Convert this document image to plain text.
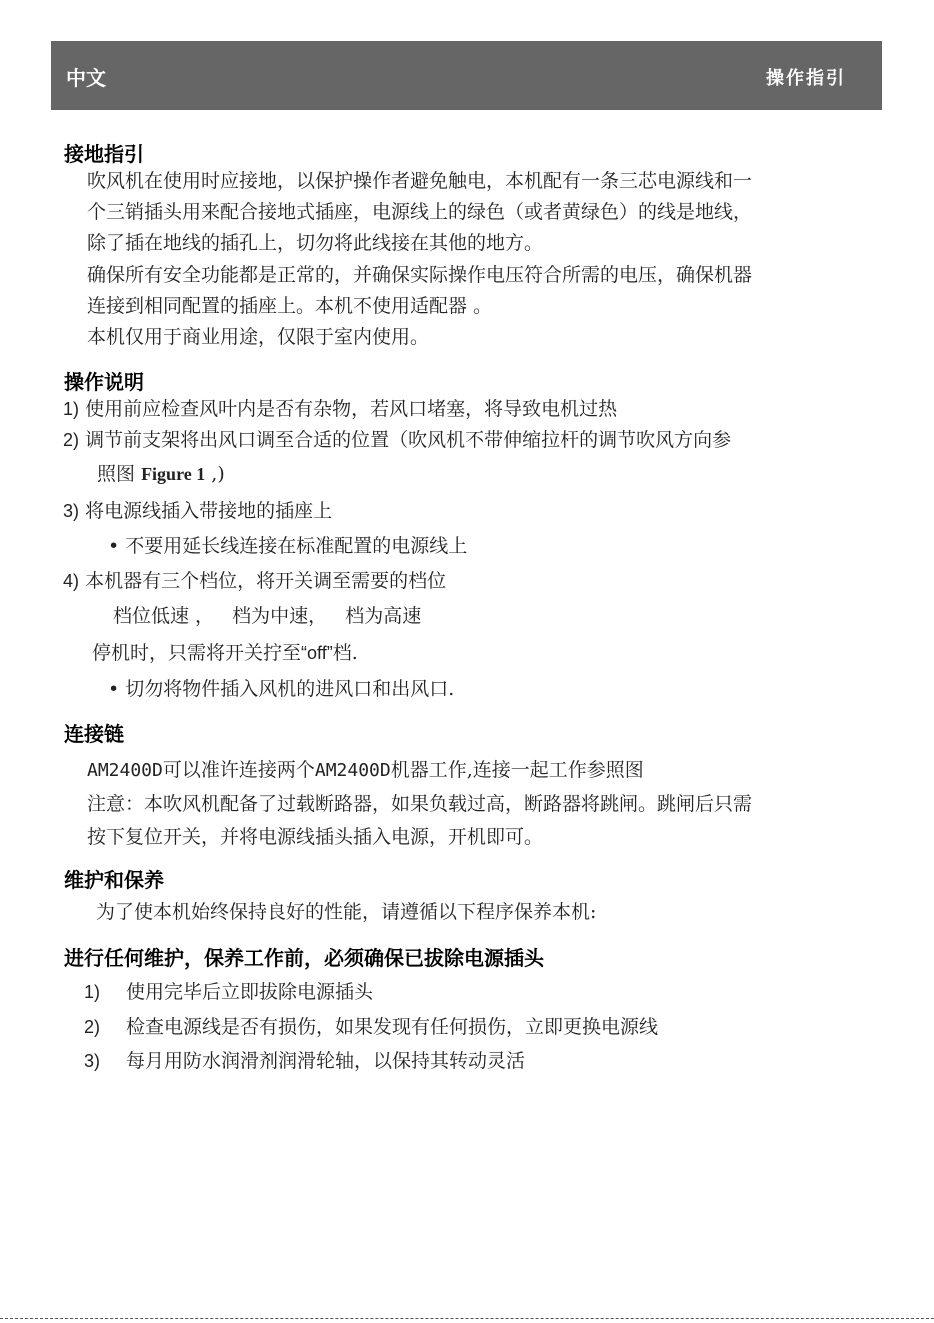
中文	操作指引
接地指引
吹风机在使用时应接地，以保护操作者避免触电，本机配有一条三芯电源线和一
个三销插头用来配合接地式插座，电源线上的绿色（或者黄绿色）的线是地线，
除了插在地线的插孔上，切勿将此线接在其他的地方。
确保所有安全功能都是正常的，并确保实际操作电压符合所需的电压，确保机器
连接到相同配置的插座上。本机不使用适配器 。
本机仅用于商业用途，仅限于室内使用。
操作说明
1) 使用前应检查风叶内是否有杂物，若风口堵塞，将导致电机过热
2) 调节前支架将出风口调至合适的位置（吹风机不带伸缩拉杆的调节吹风方向参
照图 Figure 1 ,)
3) 将电源线插入带接地的插座上
• 不要用延长线连接在标准配置的电源线上
4) 本机器有三个档位，将开关调至需要的档位
档位低速 ，   档为中速，   档为高速
停机时，只需将开关拧至“off”档.
• 切勿将物件插入风机的进风口和出风口.
连接链
AM2400D可以准许连接两个AM2400D机器工作,连接一起工作参照图
注意：本吹风机配备了过载断路器，如果负载过高，断路器将跳闸。跳闸后只需
按下复位开关，并将电源线插头插入电源，开机即可。
维护和保养
为了使本机始终保持良好的性能，请遵循以下程序保养本机:
进行任何维护，保养工作前，必须确保已拔除电源插头
1) 使用完毕后立即拔除电源插头
2) 检查电源线是否有损伤，如果发现有任何损伤，立即更换电源线
3) 每月用防水润滑剂润滑轮轴，以保持其转动灵活
